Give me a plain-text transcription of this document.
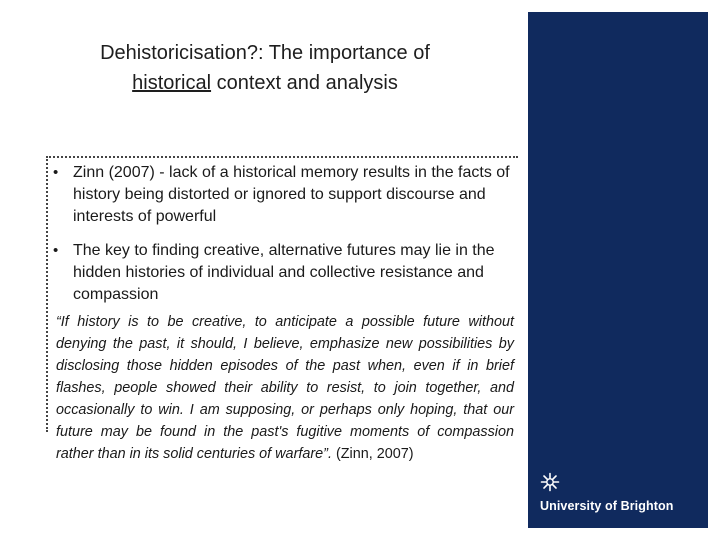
Dehistoricisation?: The importance of
historical context and analysis
• Zinn (2007) - lack of a historical memory results in the facts of history being distorted or ignored to support discourse and interests of powerful
• The key to finding creative, alternative futures may lie in the hidden histories of individual and collective resistance and compassion

“If history is to be creative, to anticipate a possible future without denying the past, it should, I believe, emphasize new possibilities by disclosing those hidden episodes of the past when, even if in brief flashes, people showed their ability to resist, to join together, and occasionally to win. I am supposing, or perhaps only hoping, that our future may be found in the past's fugitive moments of compassion rather than in its solid centuries of warfare”. (Zinn, 2007)

University of Brighton
